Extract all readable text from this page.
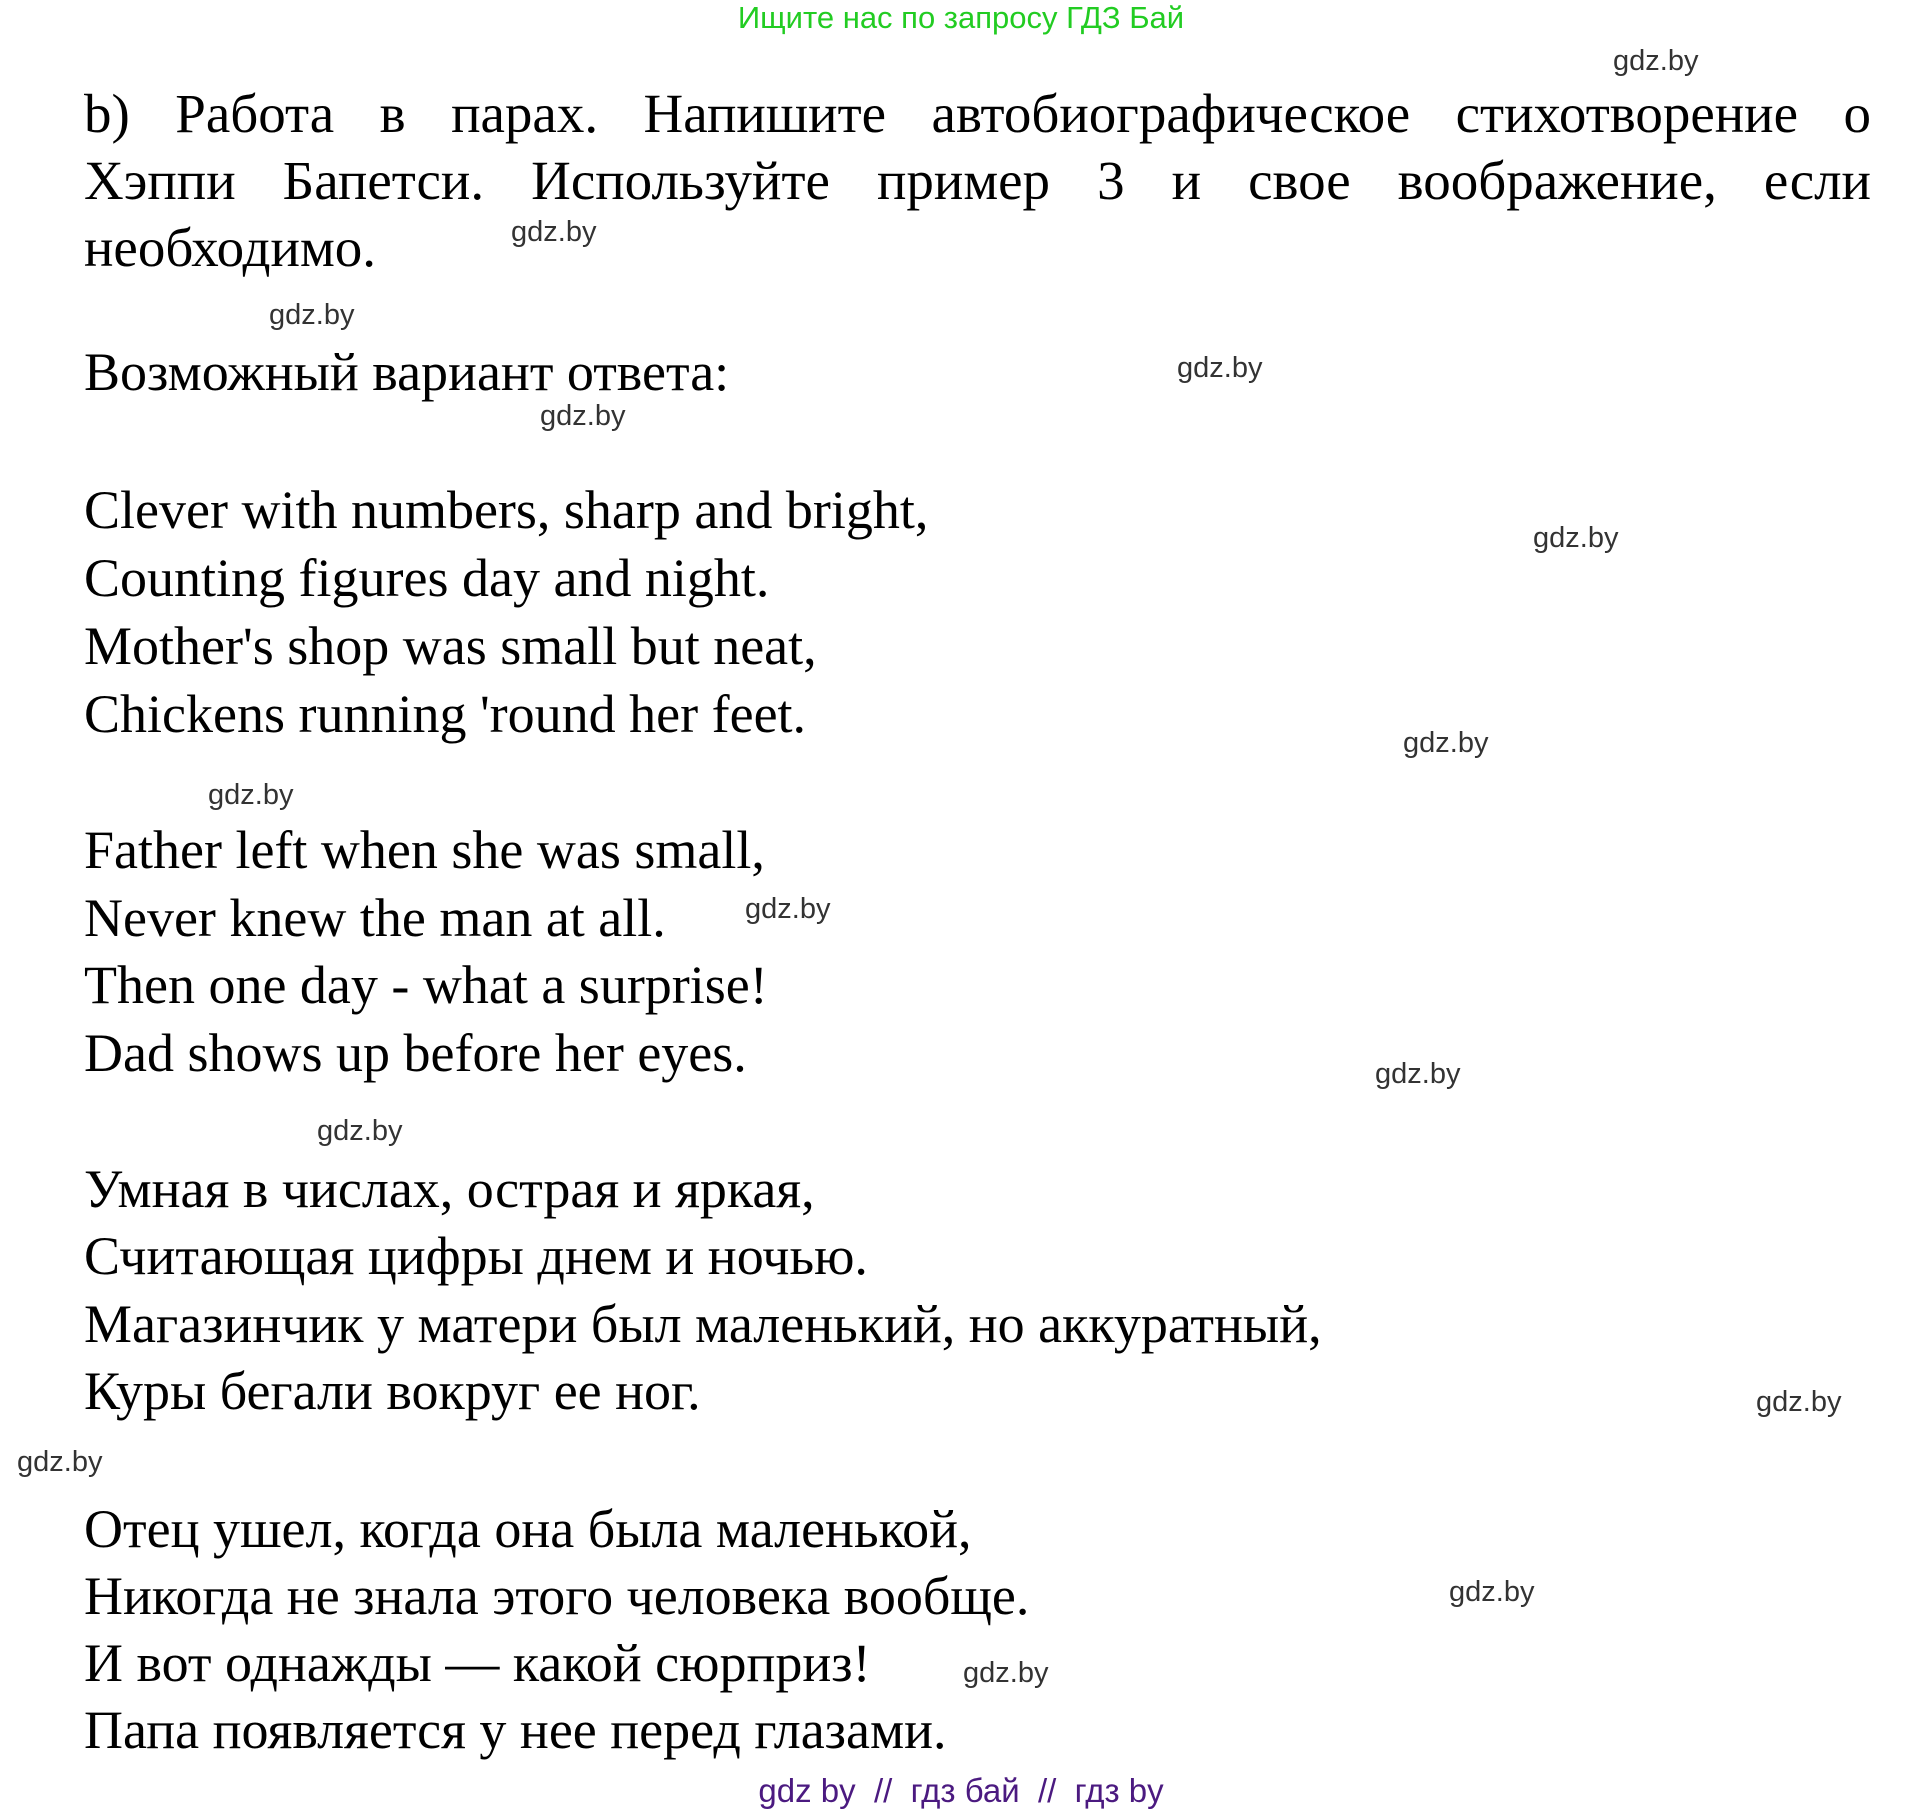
Ищите нас по запросу ГДЗ Бай
b) Работа в парах. Напишите автобиографическое стихотворение о
Хэппи Бапетси. Используйте пример 3 и свое воображение, если
необходимо.
Возможный вариант ответа:
Clever with numbers, sharp and bright,
Counting figures day and night.
Mother's shop was small but neat,
Chickens running 'round her feet.
Father left when she was small,
Never knew the man at all.
Then one day - what a surprise!
Dad shows up before her eyes.
Умная в числах, острая и яркая,
Считающая цифры днем и ночью.
Магазинчик у матери был маленький, но аккуратный,
Куры бегали вокруг ее ног.
Отец ушел, когда она была маленькой,
Никогда не знала этого человека вообще.
И вот однажды — какой сюрприз!
Папа появляется у нее перед глазами.
gdz.by
gdz.by
gdz.by
gdz.by
gdz.by
gdz.by
gdz.by
gdz.by
gdz.by
gdz.by
gdz.by
gdz.by
gdz.by
gdz.by
gdz.by
gdz by  //  гдз бай  //  гдз by
